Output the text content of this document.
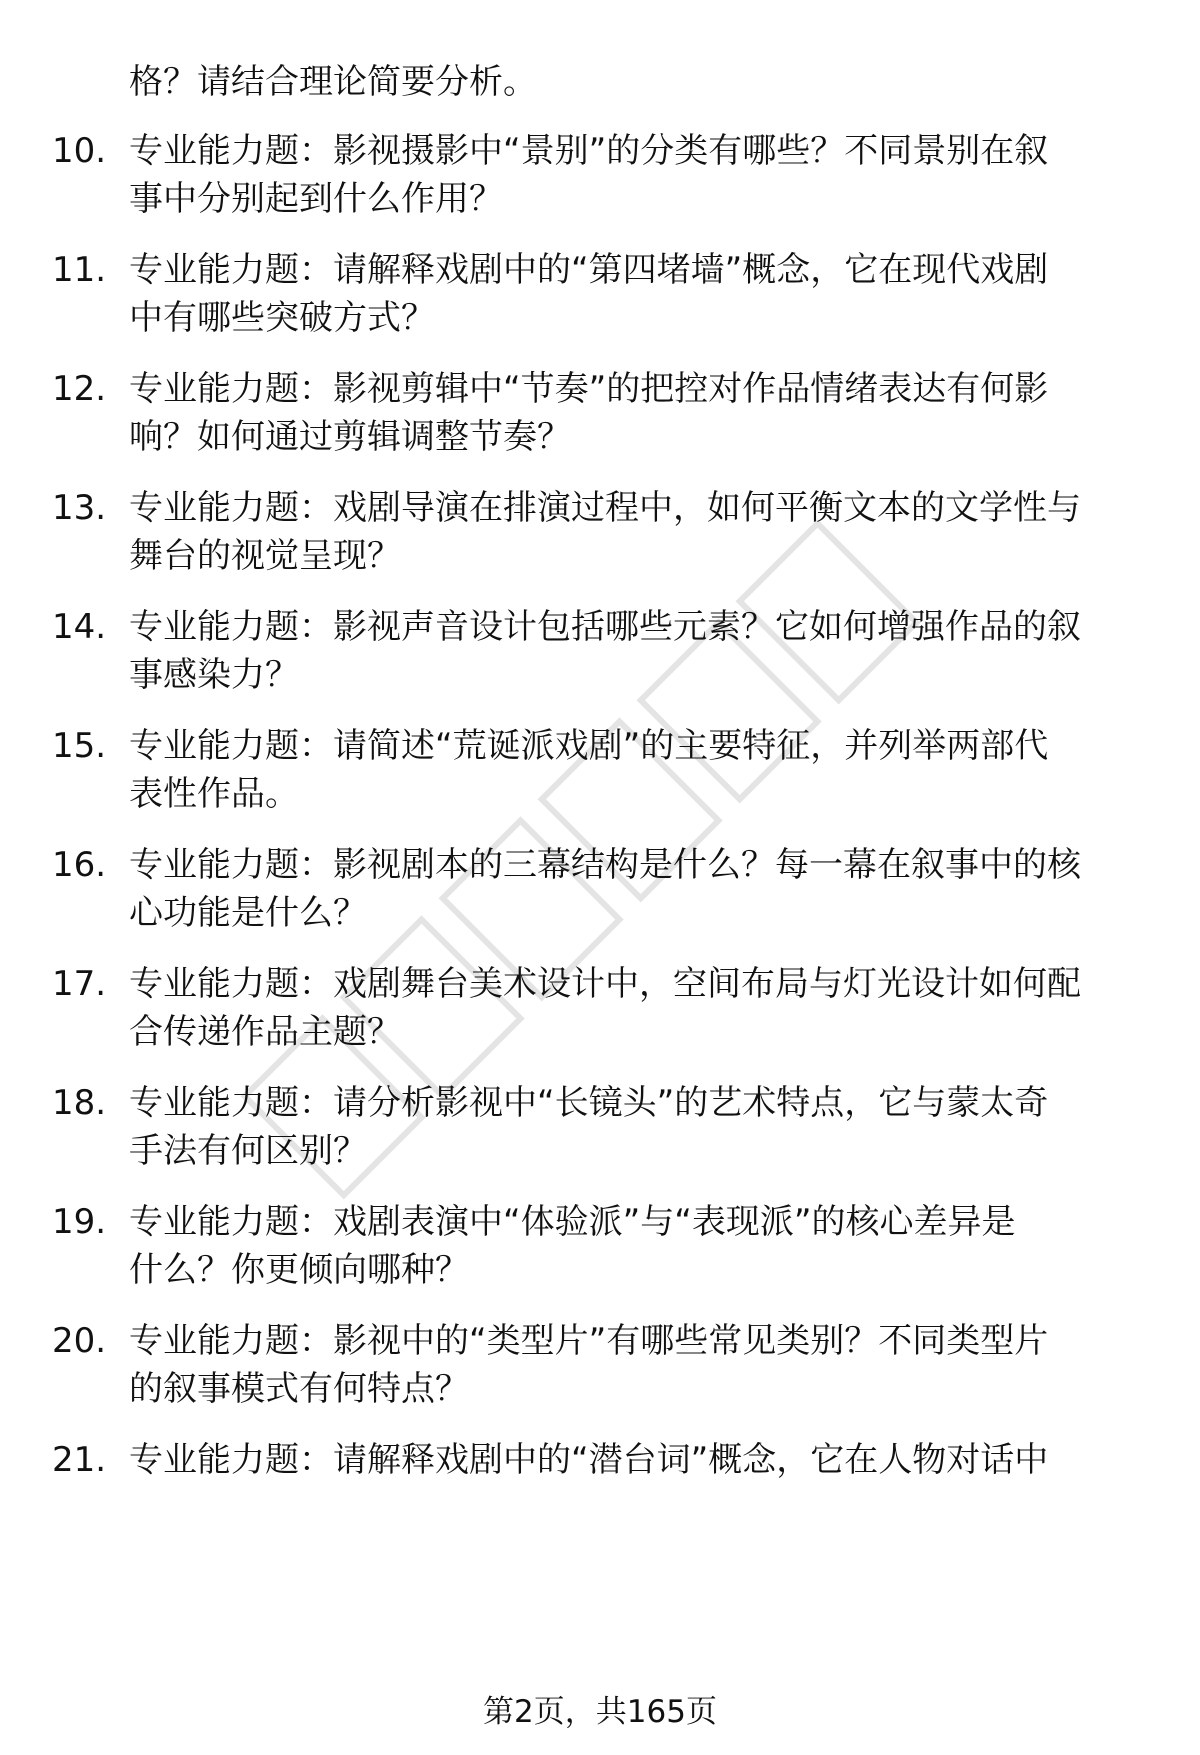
格？请结合理论简要分析。
10. 专业能力题：影视摄影中“景别”的分类有哪些？不同景别在叙
事中分别起到什么作用？
11. 专业能力题：请解释戏剧中的“第四堵墙”概念，它在现代戏剧
中有哪些突破方式？
12. 专业能力题：影视剪辑中“节奏”的把控对作品情绪表达有何影
响？如何通过剪辑调整节奏？
13. 专业能力题：戏剧导演在排演过程中，如何平衡文本的文学性与
舞台的视觉呈现？
14. 专业能力题：影视声音设计包括哪些元素？它如何增强作品的叙
事感染力？
15. 专业能力题：请简述“荒诞派戏剧”的主要特征，并列举两部代
表性作品。
16. 专业能力题：影视剧本的三幕结构是什么？每一幕在叙事中的核
心功能是什么？
17. 专业能力题：戏剧舞台美术设计中，空间布局与灯光设计如何配
合传递作品主题？
18. 专业能力题：请分析影视中“长镜头”的艺术特点，它与蒙太奇
手法有何区别？
19. 专业能力题：戏剧表演中“体验派”与“表现派”的核心差异是
什么？你更倾向哪种？
20. 专业能力题：影视中的“类型片”有哪些常见类别？不同类型片
的叙事模式有何特点？
21. 专业能力题：请解释戏剧中的“潜台词”概念，它在人物对话中
第2页，共165页
